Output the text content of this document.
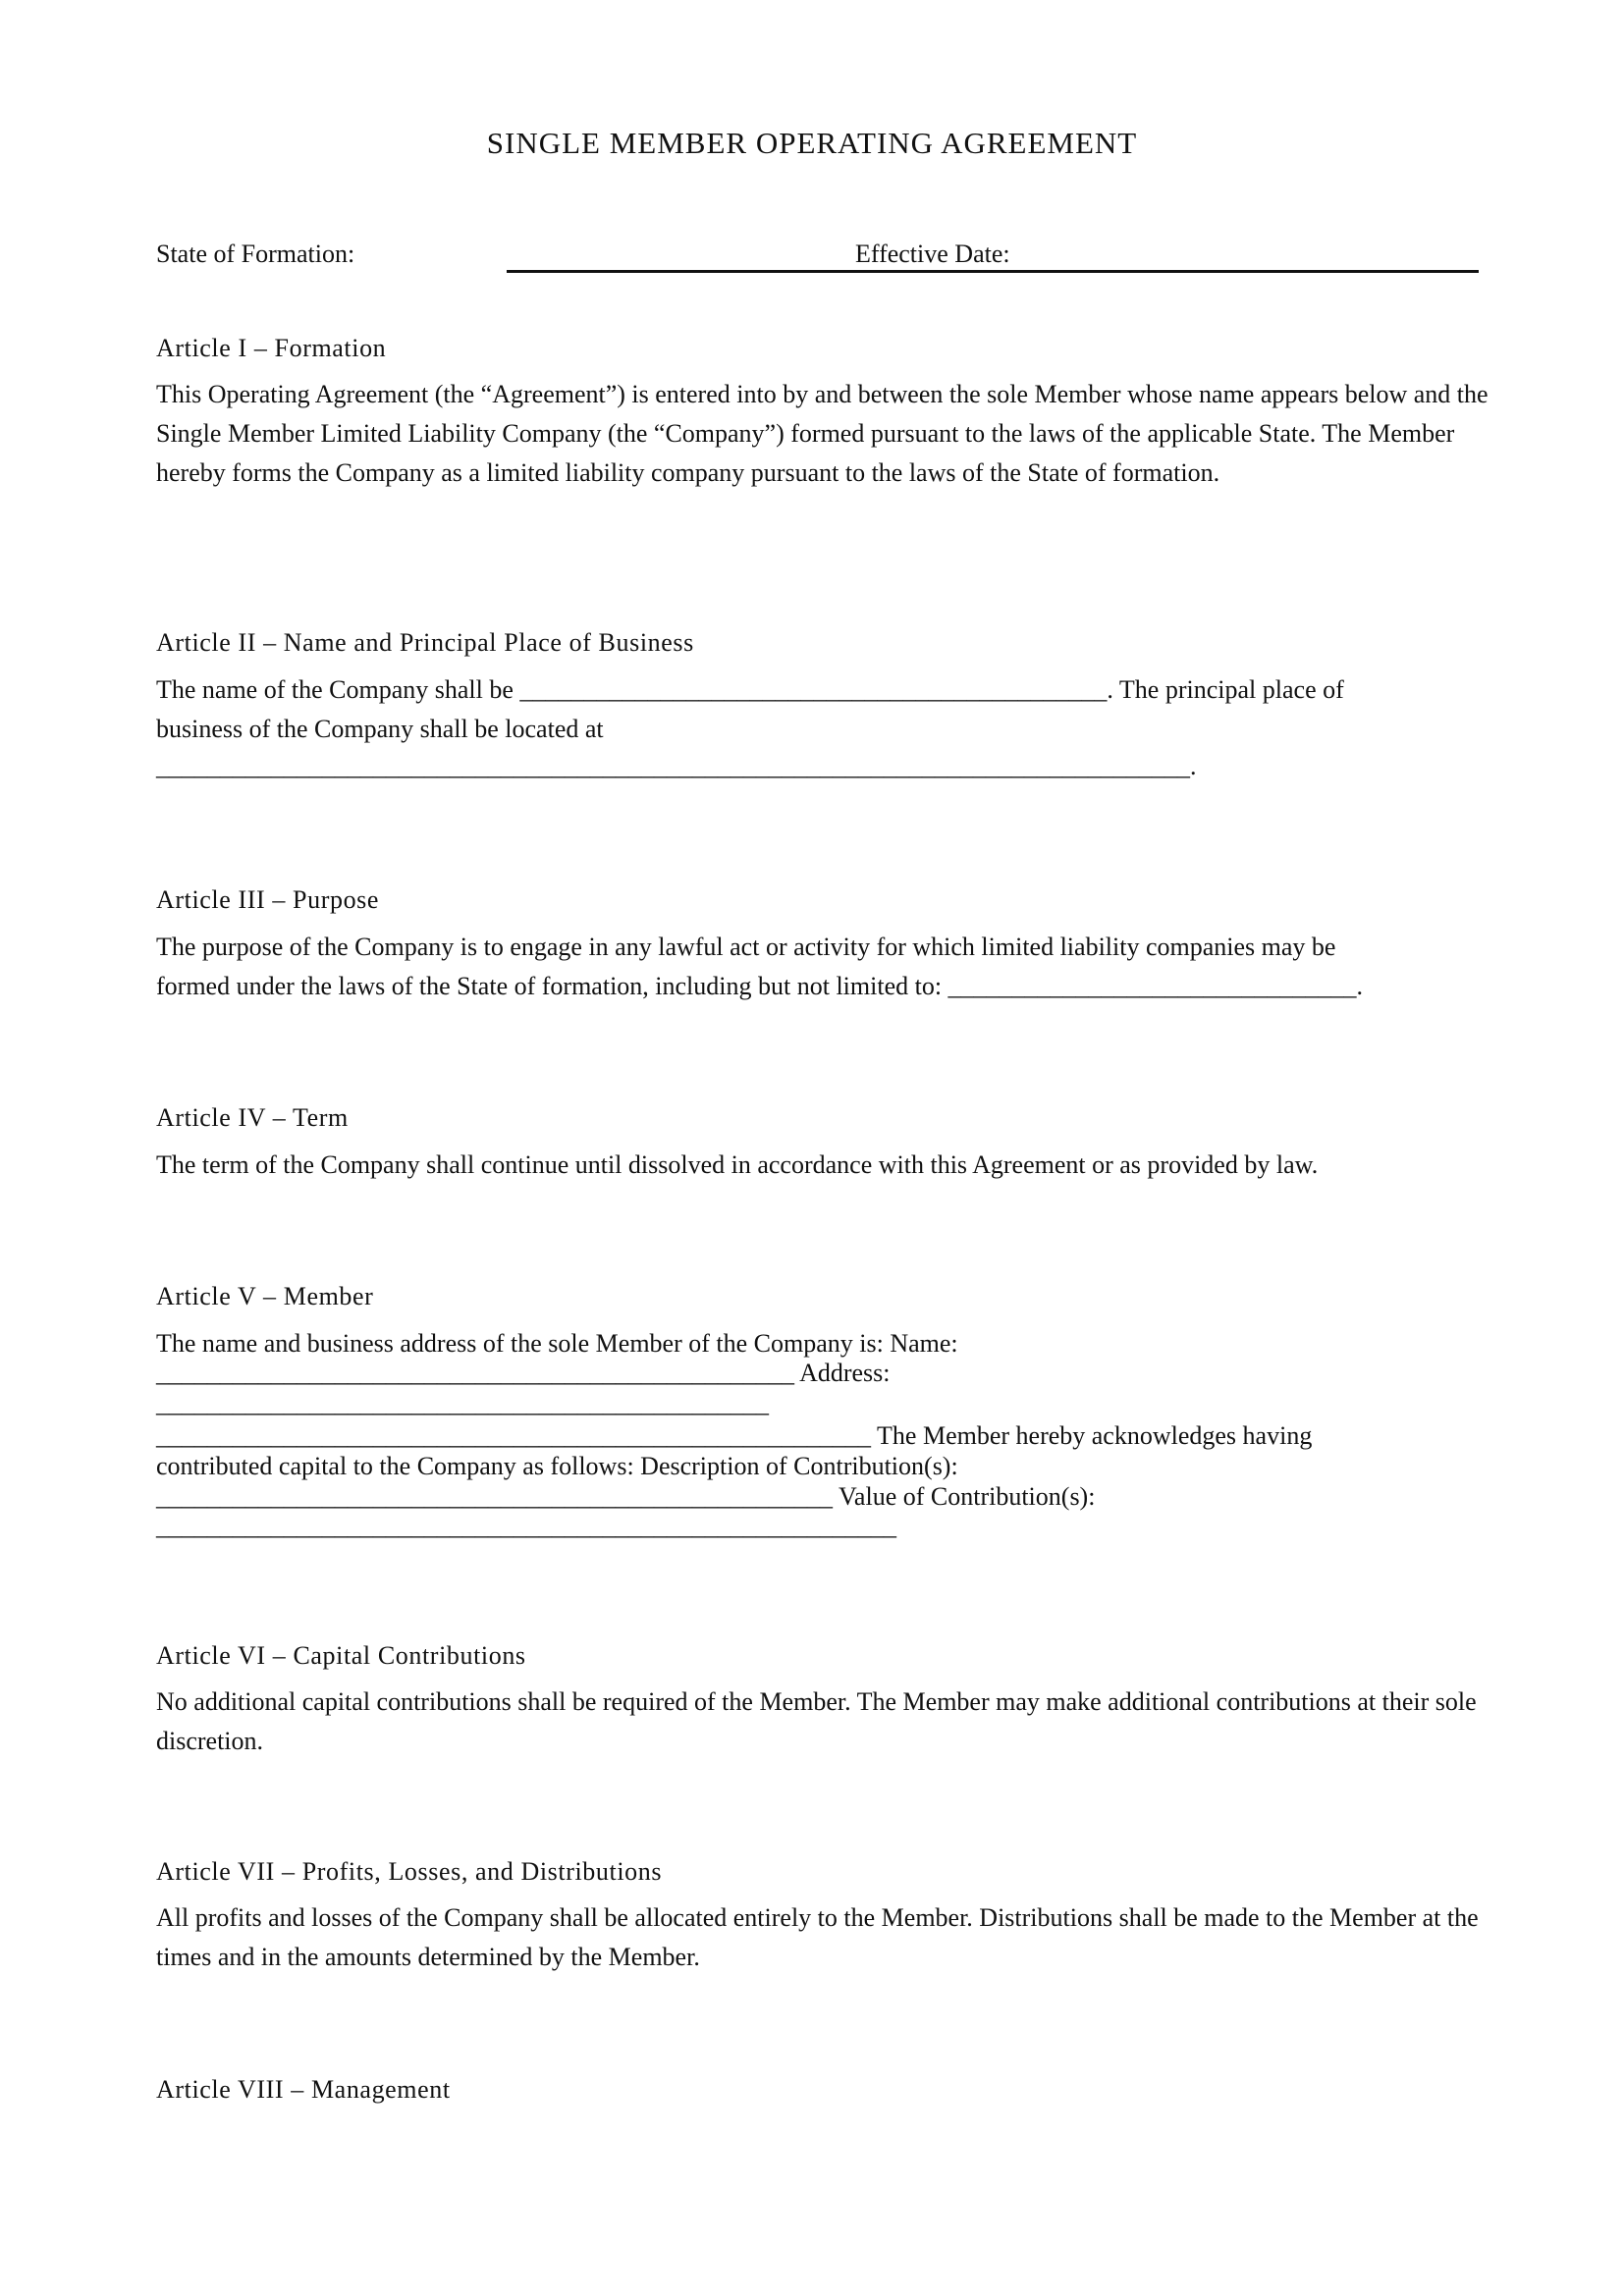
SINGLE MEMBER OPERATING AGREEMENT
State of Formation:	Effective Date:
Article I – Formation

This Operating Agreement (the “Agreement”) is entered into by and between the sole Member whose name appears below and the Single Member Limited Liability Company (the “Company”) formed pursuant to the laws of the applicable State. The Member hereby forms the Company as a limited liability company pursuant to the laws of the State of formation.

Article II – Name and Principal Place of Business

The name of the Company shall be ______________________________________________. The principal place of

business of the Company shall be located at

_________________________________________________________________________________.

Article III – Purpose

The purpose of the Company is to engage in any lawful act or activity for which limited liability companies may be

formed under the laws of the State of formation, including but not limited to: ________________________________.

Article IV – Term

The term of the Company shall continue until dissolved in accordance with this Agreement or as provided by law.

Article V – Member

The name and business address of the sole Member of the Company is: Name:

__________________________________________________ Address:

________________________________________________

________________________________________________________ The Member hereby acknowledges having

contributed capital to the Company as follows: Description of Contribution(s):

_____________________________________________________ Value of Contribution(s):

__________________________________________________________

Article VI – Capital Contributions

No additional capital contributions shall be required of the Member. The Member may make additional contributions at their sole discretion.

Article VII – Profits, Losses, and Distributions

All profits and losses of the Company shall be allocated entirely to the Member. Distributions shall be made to the Member at the times and in the amounts determined by the Member.

Article VIII – Management
